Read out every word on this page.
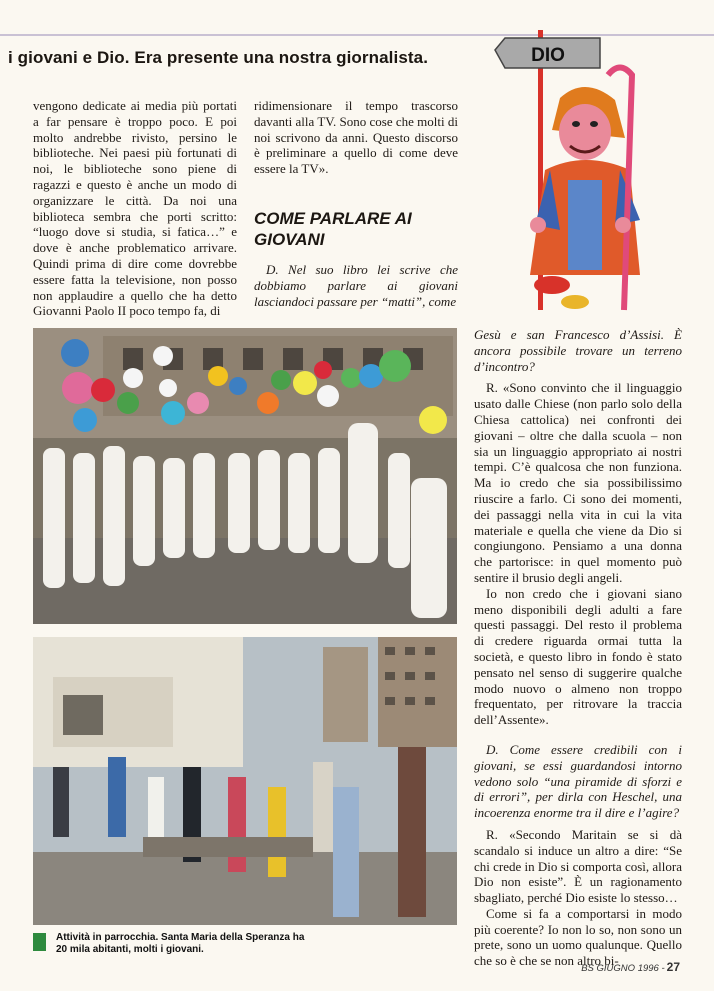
i giovani e Dio. Era presente una nostra giornalista.	DIO

vengono dedicate ai media più portati a far pensare è troppo poco. E poi molto andrebbe rivisto, persino le biblioteche. Nei paesi più fortunati di noi, le biblioteche sono piene di ragazzi e questo è anche un modo di organizzare le città. Da noi una biblioteca sembra che porti scritto: “luogo dove si studia, si fatica…” e dove è anche problematico arrivare. Quindi prima di dire come dovrebbe essere fatta la televisione, non posso non applaudire a quello che ha detto Giovanni Paolo II poco tempo fa, di

ridimensionare il tempo trascorso davanti alla TV. Sono cose che molti di noi scrivono da anni. Questo discorso è preliminare a quello di come deve essere la TV».

COME PARLARE AI GIOVANI

D. Nel suo libro lei scrive che dobbiamo parlare ai giovani lasciandoci passare per “matti”, come

Attività in parrocchia. Santa Maria della Speranza ha 20 mila abitanti, molti i giovani.

Gesù e san Francesco d’Assisi. È ancora possibile trovare un terreno d’incontro?

R. «Sono convinto che il linguaggio usato dalle Chiese (non parlo solo della Chiesa cattolica) nei confronti dei giovani – oltre che dalla scuola – non sia un linguaggio appropriato ai nostri tempi. C’è qualcosa che non funziona. Ma io credo che sia possibilissimo riuscire a farlo. Ci sono dei momenti, dei passaggi nella vita in cui la vita materiale e quella che viene da Dio si congiungono. Pensiamo a una donna che partorisce: in quel momento può sentire il brusio degli angeli.

Io non credo che i giovani siano meno disponibili degli adulti a fare questi passaggi. Del resto il problema di credere riguarda ormai tutta la società, e questo libro in fondo è stato pensato nel senso di suggerire qualche modo nuovo o almeno non troppo frequentato, per ritrovare la traccia dell’Assente».

D. Come essere credibili con i giovani, se essi guardandosi intorno vedono solo “una piramide di sforzi e di errori”, per dirla con Heschel, una incoerenza enorme tra il dire e l’agire?

R. «Secondo Maritain se si dà scandalo si induce un altro a dire: “Se chi crede in Dio si comporta così, allora Dio non esiste”. È un ragionamento sbagliato, perché Dio esiste lo stesso…

Come si fa a comportarsi in modo più coerente? Io non lo so, non sono un prete, sono un uomo qualunque. Quello che so è che se non altro bi-

BS GIUGNO 1996 - 27
